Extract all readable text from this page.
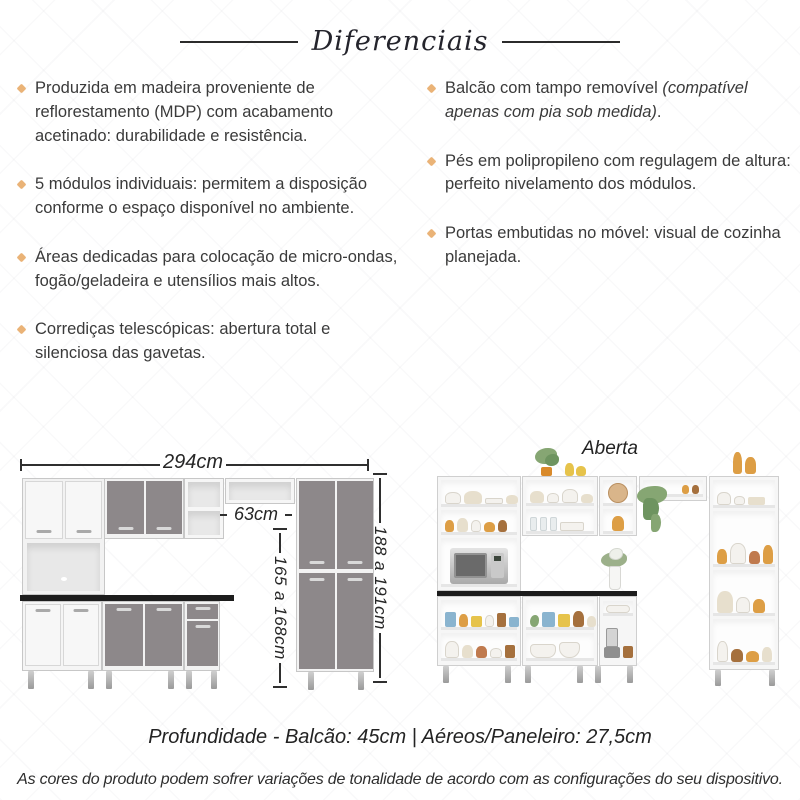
Diferenciais
Produzida em madeira proveniente de reflorestamento (MDP) com acabamento acetinado: durabilidade e resistência.
5 módulos individuais: permitem a disposição conforme o espaço disponível no ambiente.
Áreas dedicadas para colocação de micro-ondas, fogão/geladeira e utensílios mais altos.
Corrediças telescópicas: abertura total e silenciosa das gavetas.
Balcão com tampo removível (compatível apenas com pia sob medida).
Pés em polipropileno com regulagem de altura: perfeito nivelamento dos módulos.
Portas embutidas no móvel: visual de cozinha planejada.
294cm
63cm
165 a 168cm	188 a 191cm
Aberta
Profundidade - Balcão: 45cm | Aéreos/Paneleiro: 27,5cm
As cores do produto podem sofrer variações de tonalidade de acordo com as configurações do seu dispositivo.
